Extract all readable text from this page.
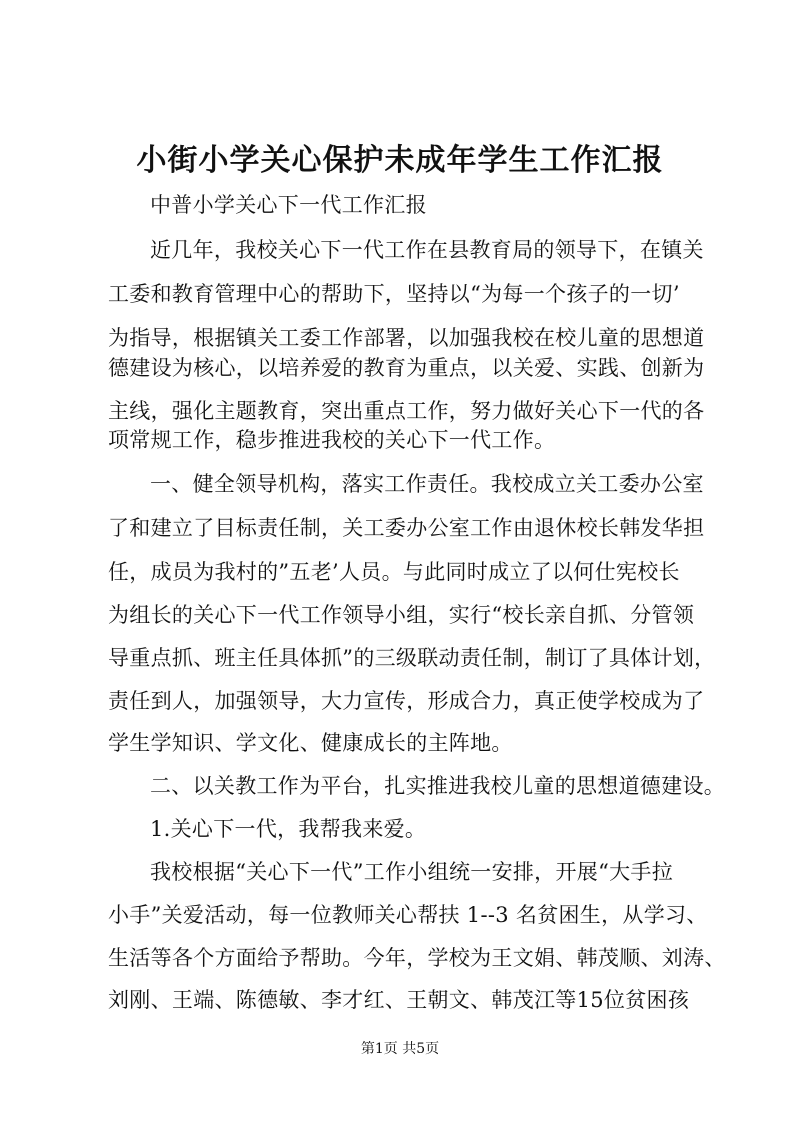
小街小学关心保护未成年学生工作汇报
中普小学关心下一代工作汇报
近几年，我校关心下一代工作在县教育局的领导下，在镇关
工委和教育管理中心的帮助下，坚持以“为每一个孩子的一切’
为指导，根据镇关工委工作部署，以加强我校在校儿童的思想道
德建设为核心，以培养爱的教育为重点，以关爱、实践、创新为
主线，强化主题教育，突出重点工作，努力做好关心下一代的各
项常规工作，稳步推进我校的关心下一代工作。
一、健全领导机构，落实工作责任。我校成立关工委办公室
了和建立了目标责任制，关工委办公室工作由退休校长韩发华担
任，成员为我村的”五老’人员。与此同时成立了以何仕宪校长
为组长的关心下一代工作领导小组，实行“校长亲自抓、分管领
导重点抓、班主任具体抓”的三级联动责任制，制订了具体计划，
责任到人，加强领导，大力宣传，形成合力，真正使学校成为了
学生学知识、学文化、健康成长的主阵地。
二、以关教工作为平台，扎实推进我校儿童的思想道德建设。
1.关心下一代，我帮我来爱。
我校根据“关心下一代”工作小组统一安排，开展“大手拉
小手”关爱活动，每一位教师关心帮扶 1--3 名贫困生，从学习、
生活等各个方面给予帮助。今年，学校为王文娟、韩茂顺、刘涛、
刘刚、王端、陈德敏、李才红、王朝文、韩茂江等15位贫困孩
第1页 共5页
